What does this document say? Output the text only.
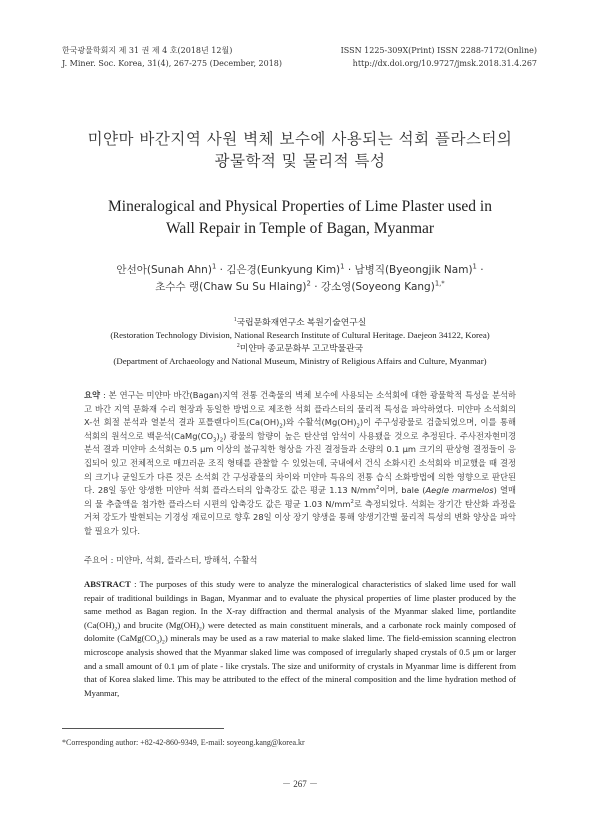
한국광물학회지 제 31 권 제 4 호(2018년 12월)
J. Miner. Soc. Korea, 31(4), 267-275 (December, 2018)
ISSN 1225-309X(Print) ISSN 2288-7172(Online)
http://dx.doi.org/10.9727/jmsk.2018.31.4.267
미얀마 바간지역 사원 벽체 보수에 사용되는 석회 플라스터의
광물학적 및 물리적 특성
Mineralogical and Physical Properties of Lime Plaster used in
Wall Repair in Temple of Bagan, Myanmar
안선아(Sunah Ahn)$^1$ · 김은경(Eunkyung Kim)$^1$ · 남병직(Byeongjik Nam)$^1$ ·
초수수 랭(Chaw Su Su Hlaing)$^2$ · 강소영(Soyeong Kang)$^{1,*}$
$^1$국립문화재연구소 복원기술연구실
(Restoration Technology Division, National Research Institute of Cultural Heritage. Daejeon 34122, Korea)
$^2$미얀마 종교문화부 고고박물관국
(Department of Archaeology and National Museum, Ministry of Religious Affairs and Culture, Myanmar)
요약 : 본 연구는 미얀마 바간(Bagan)지역 전통 건축물의 벽체 보수에 사용되는 소석회에 대한 광물학적 특성을 분석하고 바간 지역 문화재 수리 현장과 동일한 방법으로 제조한 석회 플라스터의 물리적 특성을 파악하였다. 미얀마 소석회의 X-선 회절 분석과 열분석 결과 포틀랜다이트$(Ca(OH)_2)$와 수활석$(Mg(OH)_2)$이 주구성광물로 검출되었으며, 이를 통해 석회의 원석으로 백운석$(CaMg(CO_3)_2)$ 광물의 함량이 높은 탄산염 암석이 사용됐을 것으로 추정된다. 주사전자현미경 분석 결과 미얀마 소석회는 0.5 μm 이상의 불규칙한 형상을 가진 결정들과 소량의 0.1 μm 크기의 판상형 결정들이 응집되어 있고 전체적으로 매끄러운 조직 형태를 관찰할 수 있었는데, 국내에서 건식 소화시킨 소석회와 비교했을 때 결정의 크기나 균일도가 다른 것은 소석회 간 구성광물의 차이와 미얀마 특유의 전통 습식 소화방법에 의한 영향으로 판단된다. 28일 동안 양생한 미얀마 석회 플라스터의 압축강도 값은 평균 1.13 $N/mm^2$이며, bale (Aegle marmelos) 열매의 물 추출액을 첨가한 플라스터 시편의 압축강도 값은 평균 1.03 $N/mm^2$로 측정되었다. 석회는 장기간 탄산화 과정을 거쳐 강도가 발현되는 기경성 재료이므로 향후 28일 이상 장기 양생을 통해 양생기간별 물리적 특성의 변화 양상을 파악할 필요가 있다.
주요어 : 미얀마, 석회, 플라스터, 방해석, 수활석
ABSTRACT : The purposes of this study were to analyze the mineralogical characteristics of slaked lime used for wall repair of traditional buildings in Bagan, Myanmar and to evaluate the physical properties of lime plaster produced by the same method as Bagan region. In the X-ray diffraction and thermal analysis of the Myanmar slaked lime, portlandite $(Ca(OH)_2)$ and brucite $(Mg(OH)_2)$ were detected as main constituent minerals, and a carbonate rock mainly composed of dolomite $(CaMg(CO_3)_2)$ minerals may be used as a raw material to make slaked lime. The field-emission scanning electron microscope analysis showed that the Myanmar slaked lime was composed of irregularly shaped crystals of 0.5 μm or larger and a small amount of 0.1 μm of plate - like crystals. The size and uniformity of crystals in Myanmar lime is different from that of Korea slaked lime. This may be attributed to the effect of the mineral composition and the lime hydration method of Myanmar,
*Corresponding author: +82-42-860-9349, E-mail: soyeong.kang@korea.kr
－ 267 －
